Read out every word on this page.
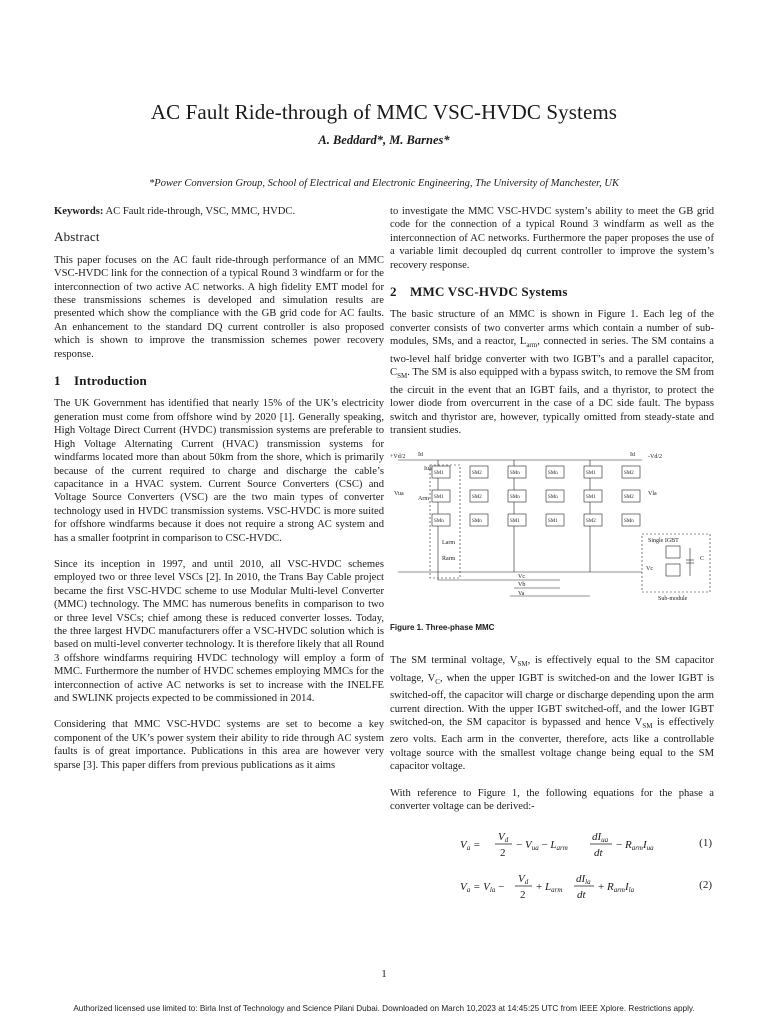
AC Fault Ride-through of MMC VSC-HVDC Systems
A. Beddard*, M. Barnes*
*Power Conversion Group, School of Electrical and Electronic Engineering, The University of Manchester, UK

Keywords: AC Fault ride-through, VSC, MMC, HVDC.

Abstract

This paper focuses on the AC fault ride-through performance of an MMC VSC-HVDC link for the connection of a typical Round 3 windfarm or for the interconnection of two active AC networks. A high fidelity EMT model for these transmissions schemes is developed and simulation results are presented which show the compliance with the GB grid code for AC faults. An enhancement to the standard DQ current controller is also proposed which is shown to improve the transmission schemes power recovery response.

1 Introduction

The UK Government has identified that nearly 15% of the UK’s electricity generation must come from offshore wind by 2020 [1]. Generally speaking, High Voltage Direct Current (HVDC) transmission systems are preferable to High Voltage Alternating Current (HVAC) transmission systems for windfarms located more than about 50km from the shore, which is primarily because of the current required to charge and discharge the cable’s capacitance in a HVAC system. Current Source Converters (CSC) and Voltage Source Converters (VSC) are the two main types of converter technology used in HVDC transmission systems. VSC-HVDC is more suited for offshore windfarms because it does not require a strong AC system and has a smaller footprint in comparison to CSC-HVDC.

Since its inception in 1997, and until 2010, all VSC-HVDC schemes employed two or three level VSCs [2]. In 2010, the Trans Bay Cable project became the first VSC-HVDC scheme to use Modular Multi-level Converter (MMC) technology. The MMC has numerous benefits in comparison to two or three level VSCs; chief among these is reduced converter losses. Today, the three largest HVDC manufacturers offer a VSC-HVDC solution which is based on multi-level converter technology. It is therefore likely that all Round 3 offshore windfarms requiring HVDC technology will employ a form of MMC. Furthermore the number of HVDC schemes employing MMCs for the interconnection of active AC networks is set to increase with the INELFE and SWLINK projects expected to be commissioned in 2014.

Considering that MMC VSC-HVDC systems are set to become a key component of the UK’s power system their ability to ride through AC system faults is of great importance. Publications in this area are however very sparse [3]. This paper differs from previous publications as it aims

to investigate the MMC VSC-HVDC system’s ability to meet the GB grid code for the connection of a typical Round 3 windfarm as well as the interconnection of AC networks. Furthermore the paper proposes the use of a variable limit decoupled dq current controller to improve the system’s recovery response.

2 MMC VSC-HVDC Systems

The basic structure of an MMC is shown in Figure 1. Each leg of the converter consists of two converter arms which contain a number of sub-modules, SMs, and a reactor, $L_{arm}$, connected in series. The SM contains a two-level half bridge converter with two IGBT’s and a parallel capacitor, $C_{SM}$. The SM is also equipped with a bypass switch, to remove the SM from the circuit in the event that an IGBT fails, and a thyristor, to protect the lower diode from overcurrent in the case of a DC side fault. The bypass switch and thyristor are, however, typically omitted from steady-state and transient studies.

+Vd/2	-Vd/2
Id	Id
Iua
Vua
Arm
Vla
Larm
Rarm
Vc
Vb
Va
Single IGBT
Sub-module
Vc
C
SM1	SM2	SMn	SMn	SM1	SM2
SM1	SM2	SMn	SMn	SM1	SM2
SMn	SMn	SM1	SM1	SM2	SMn
Figure 1. Three-phase MMC

The SM terminal voltage, $V_{SM}$, is effectively equal to the SM capacitor voltage, $V_C$, when the upper IGBT is switched-on and the lower IGBT is switched-off, the capacitor will charge or discharge depending upon the arm current direction. With the upper IGBT switched-off, and the lower IGBT switched-on, the SM capacitor is bypassed and hence $V_{SM}$ is effectively zero volts. Each arm in the converter, therefore, acts like a controllable voltage source with the smallest voltage change being equal to the SM capacitor voltage.

With reference to Figure 1, the following equations for the phase a converter voltage can be derived:-

Va =
Vd
2
− Vua − Larm
dIua
dt
− RarmIua	(1)
Va = Vla −
Vd
2
+ Larm
dIla
dt
+ RarmIla	(2)
1
Authorized licensed use limited to: Birla Inst of Technology and Science Pilani Dubai. Downloaded on March 10,2023 at 14:45:25 UTC from IEEE Xplore. Restrictions apply.
